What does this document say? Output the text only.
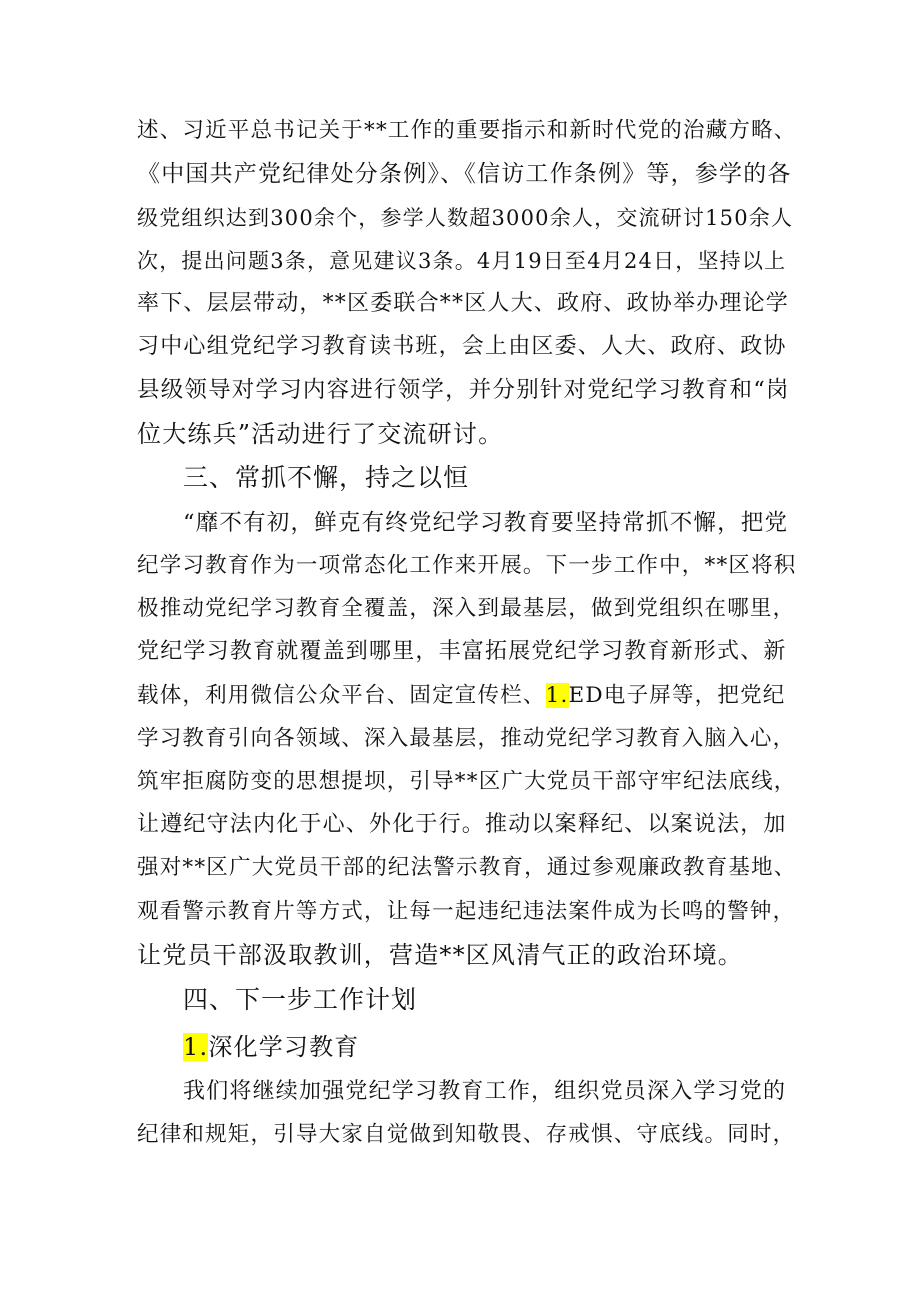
述、习近平总书记关于**工作的重要指示和新时代党的治藏方略、
《中国共产党纪律处分条例》、《信访工作条例》等，参学的各
级党组织达到300余个，参学人数超3000余人，交流研讨150余人
次，提出问题3条，意见建议3条。4月19日至4月24日，坚持以上
率下、层层带动，**区委联合**区人大、政府、政协举办理论学
习中心组党纪学习教育读书班，会上由区委、人大、政府、政协
县级领导对学习内容进行领学，并分别针对党纪学习教育和“岗
位大练兵”活动进行了交流研讨。
三、常抓不懈，持之以恒
“靡不有初，鲜克有终党纪学习教育要坚持常抓不懈，把党
纪学习教育作为一项常态化工作来开展。下一步工作中，**区将积
极推动党纪学习教育全覆盖，深入到最基层，做到党组织在哪里，
党纪学习教育就覆盖到哪里，丰富拓展党纪学习教育新形式、新
载体，利用微信公众平台、固定宣传栏、1.ED电子屏等，把党纪
学习教育引向各领域、深入最基层，推动党纪学习教育入脑入心，
筑牢拒腐防变的思想提坝，引导**区广大党员干部守牢纪法底线，
让遵纪守法内化于心、外化于行。推动以案释纪、以案说法，加
强对**区广大党员干部的纪法警示教育，通过参观廉政教育基地、
观看警示教育片等方式，让每一起违纪违法案件成为长鸣的警钟，
让党员干部汲取教训，营造**区风清气正的政治环境。
四、下一步工作计划
1.深化学习教育
我们将继续加强党纪学习教育工作，组织党员深入学习党的
纪律和规矩，引导大家自觉做到知敬畏、存戒惧、守底线。同时，
